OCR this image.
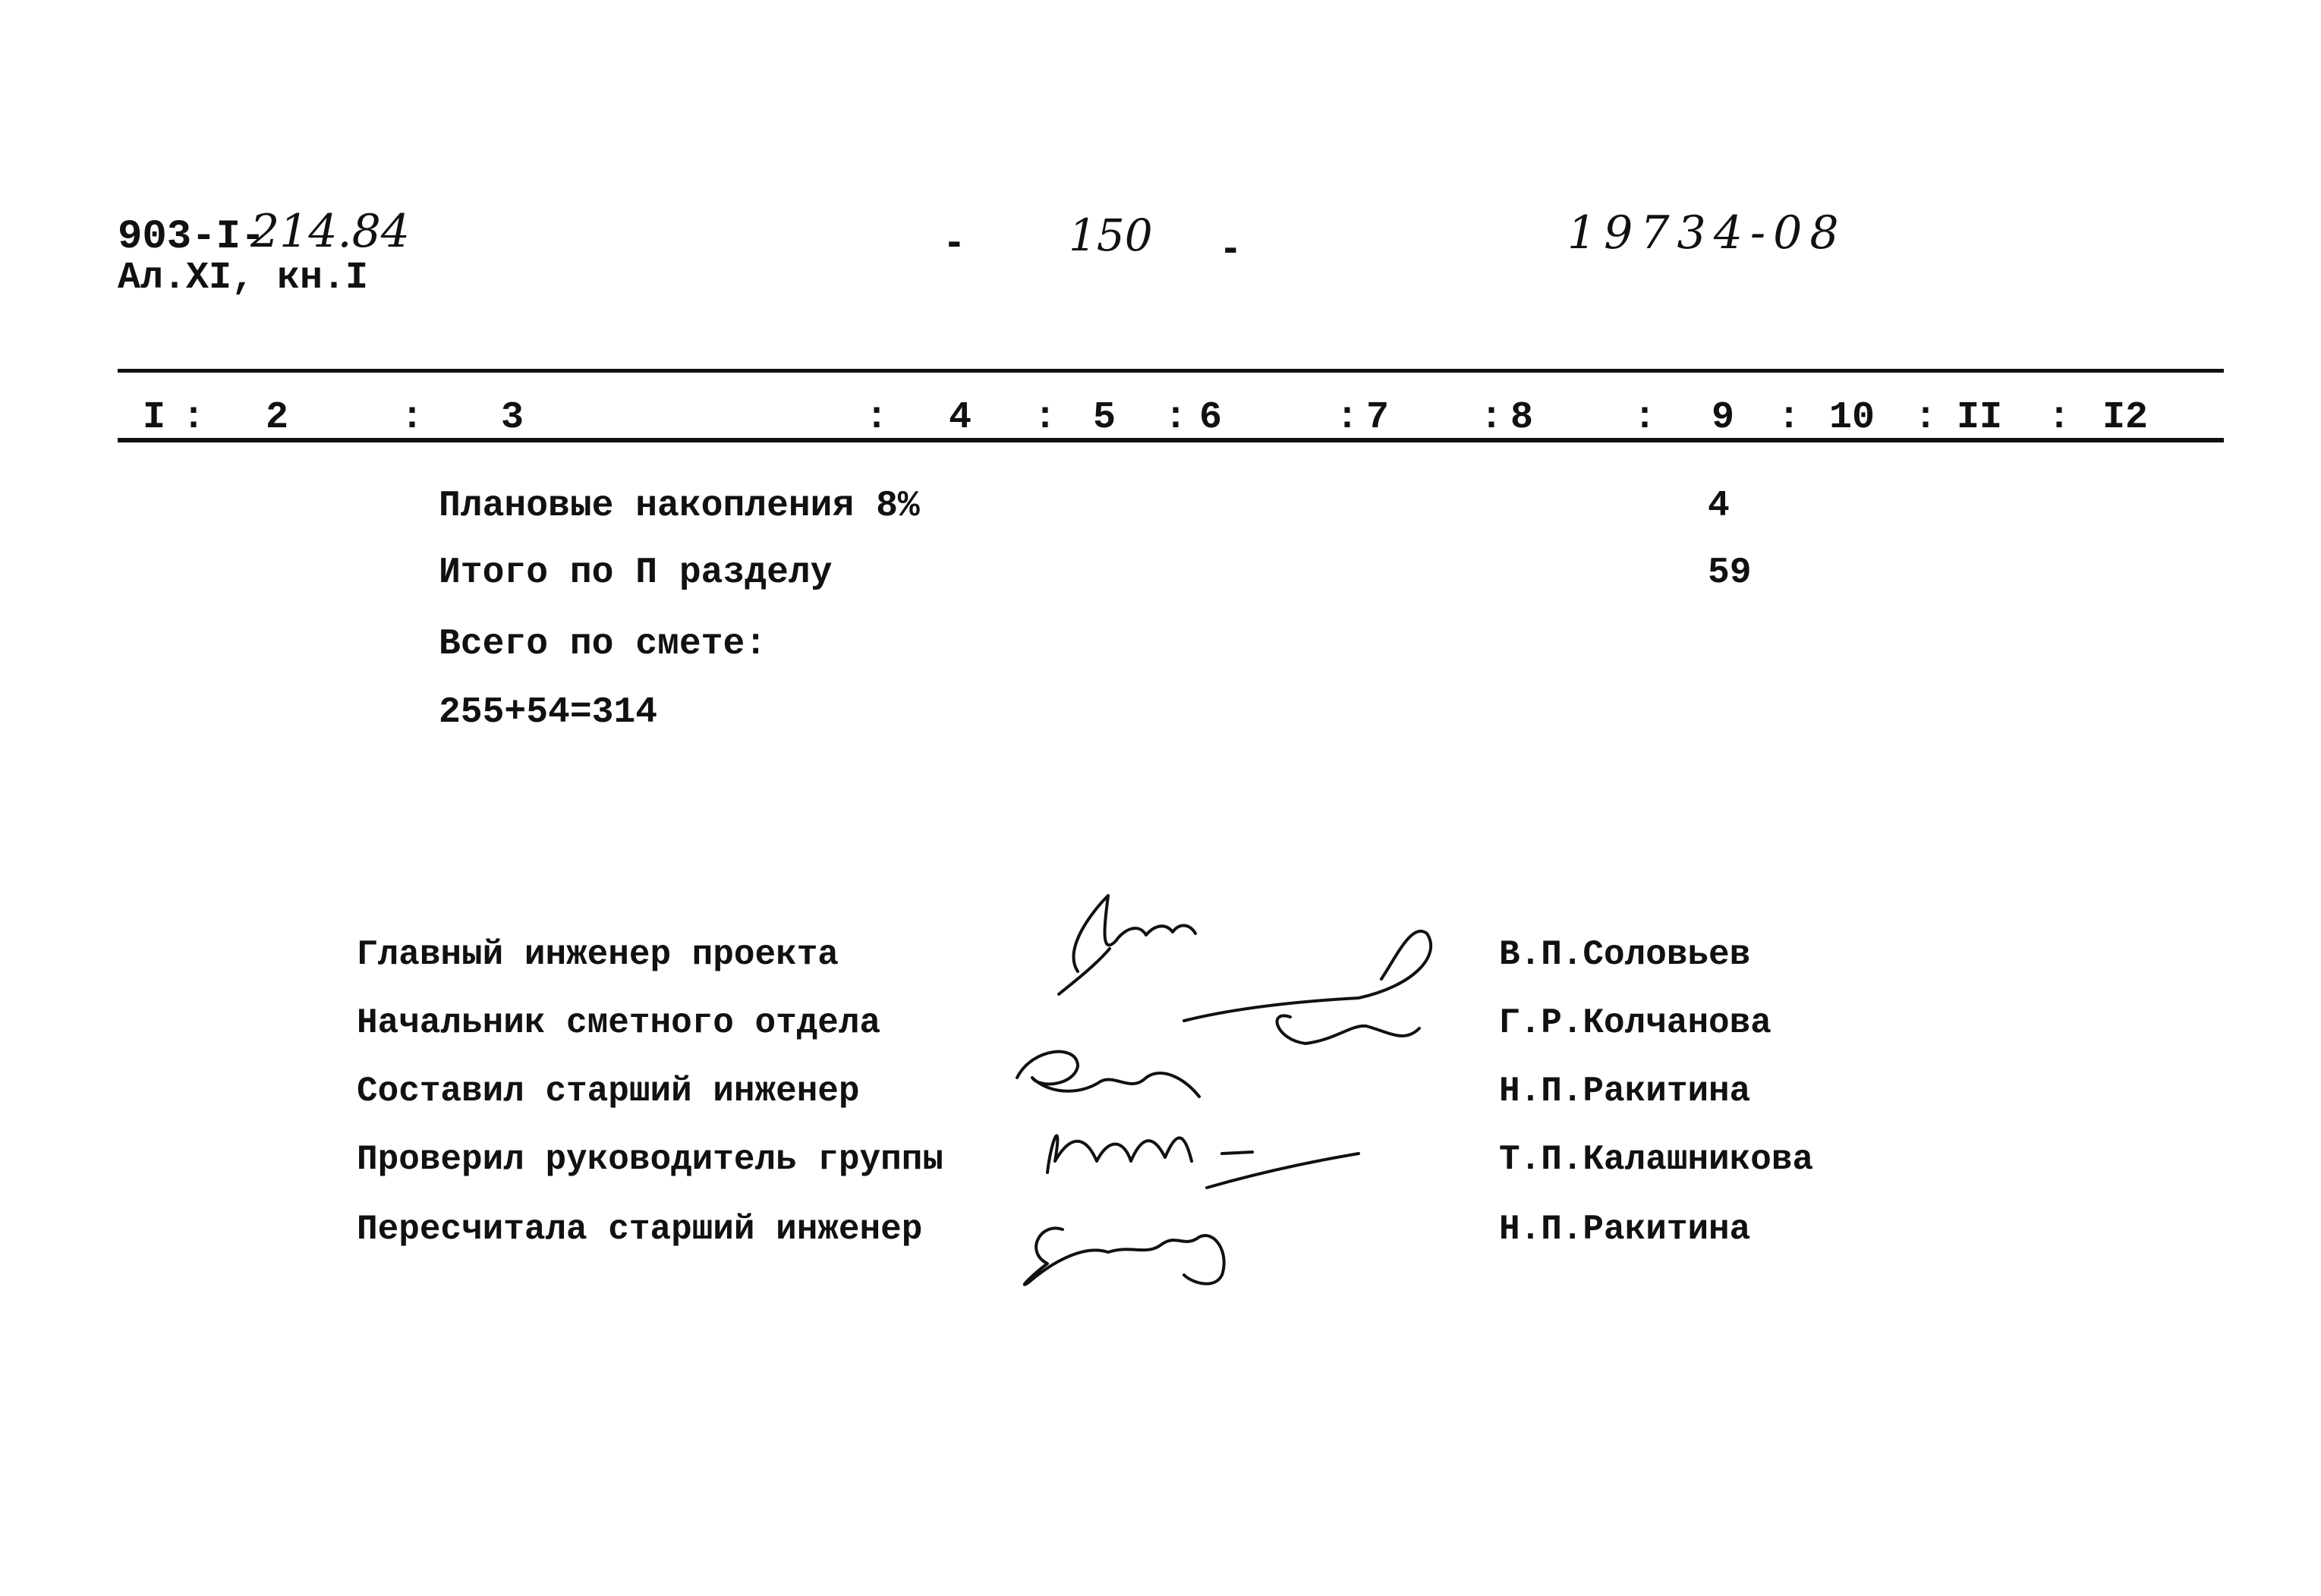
903-I-
214.84
Ал.XI, кн.I
- 150 -	19734-08
I : 2	: 3	: 4 : 5 : 6	: 7 : 8	: 9 : 10 : II : I2
Плановые накопления 8%	4
Итого по П разделу	59
Всего по смете:
255+54=314
Главный инженер проекта	В.П.Соловьев
Начальник сметного отдела	Г.Р.Колчанова
Составил старший инженер	Н.П.Ракитина
Проверил руководитель группы	Т.П.Калашникова
Пересчитала старший инженер	Н.П.Ракитина
